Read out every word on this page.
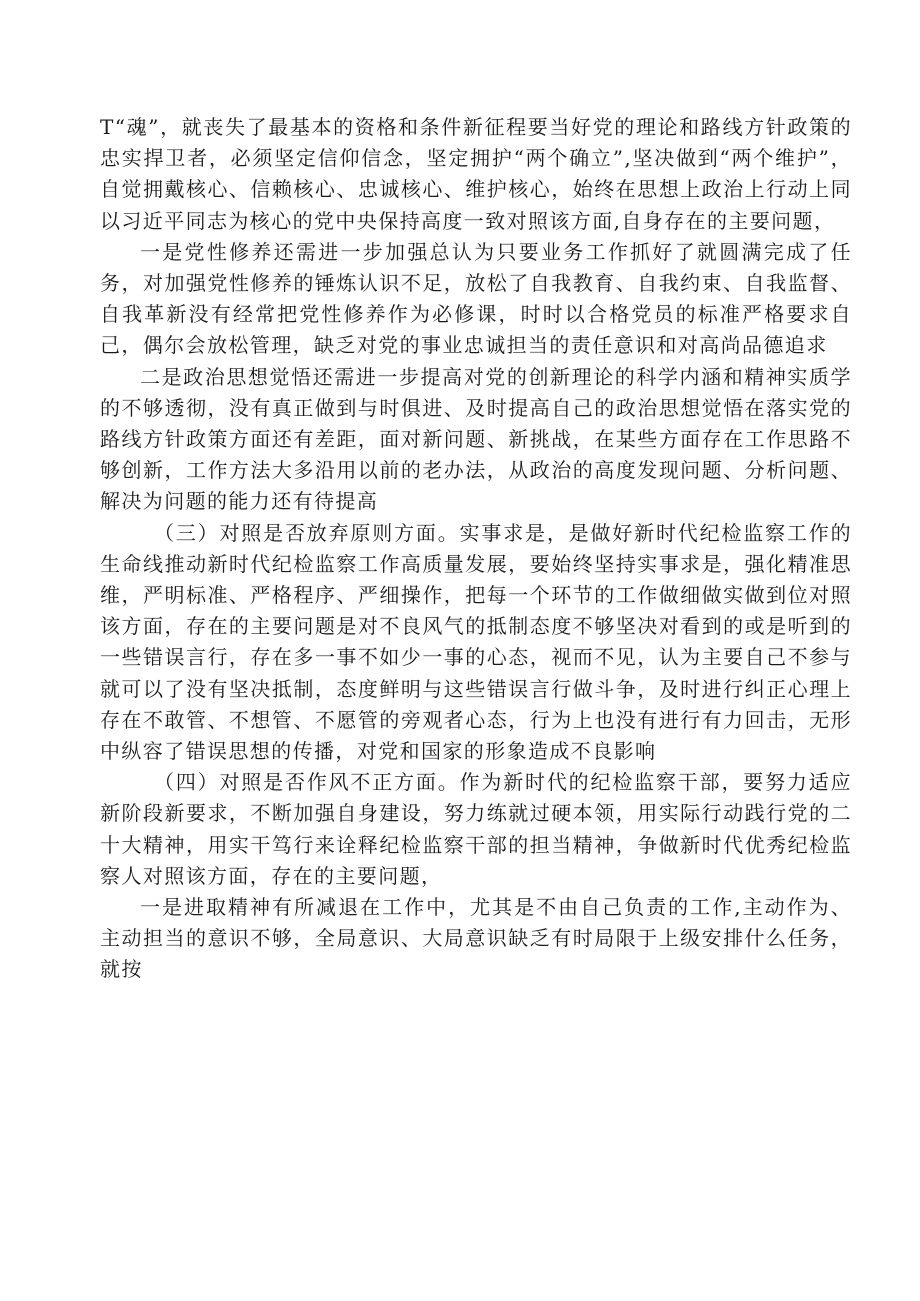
T“魂”，就丧失了最基本的资格和条件新征程要当好党的理论和路线方针政策的忠实捍卫者，必须坚定信仰信念，坚定拥护“两个确立”,坚决做到“两个维护”，自觉拥戴核心、信赖核心、忠诚核心、维护核心，始终在思想上政治上行动上同以习近平同志为核心的党中央保持高度一致对照该方面,自身存在的主要问题，

一是党性修养还需进一步加强总认为只要业务工作抓好了就圆满完成了任务，对加强党性修养的锤炼认识不足，放松了自我教育、自我约束、自我监督、自我革新没有经常把党性修养作为必修课，时时以合格党员的标准严格要求自己，偶尔会放松管理，缺乏对党的事业忠诚担当的责任意识和对高尚品德追求

二是政治思想觉悟还需进一步提高对党的创新理论的科学内涵和精神实质学的不够透彻，没有真正做到与时俱进、及时提高自己的政治思想觉悟在落实党的路线方针政策方面还有差距，面对新问题、新挑战，在某些方面存在工作思路不够创新，工作方法大多沿用以前的老办法，从政治的高度发现问题、分析问题、解决为问题的能力还有待提高

（三）对照是否放弃原则方面。实事求是，是做好新时代纪检监察工作的生命线推动新时代纪检监察工作高质量发展，要始终坚持实事求是，强化精准思维，严明标准、严格程序、严细操作，把每一个环节的工作做细做实做到位对照该方面，存在的主要问题是对不良风气的抵制态度不够坚决对看到的或是听到的一些错误言行，存在多一事不如少一事的心态，视而不见，认为主要自己不参与就可以了没有坚决抵制，态度鲜明与这些错误言行做斗争，及时进行纠正心理上存在不敢管、不想管、不愿管的旁观者心态，行为上也没有进行有力回击，无形中纵容了错误思想的传播，对党和国家的形象造成不良影响

（四）对照是否作风不正方面。作为新时代的纪检监察干部，要努力适应新阶段新要求，不断加强自身建设，努力练就过硬本领，用实际行动践行党的二十大精神，用实干笃行来诠释纪检监察干部的担当精神，争做新时代优秀纪检监察人对照该方面，存在的主要问题，

一是进取精神有所减退在工作中，尤其是不由自己负责的工作,主动作为、主动担当的意识不够，全局意识、大局意识缺乏有时局限于上级安排什么任务，就按
